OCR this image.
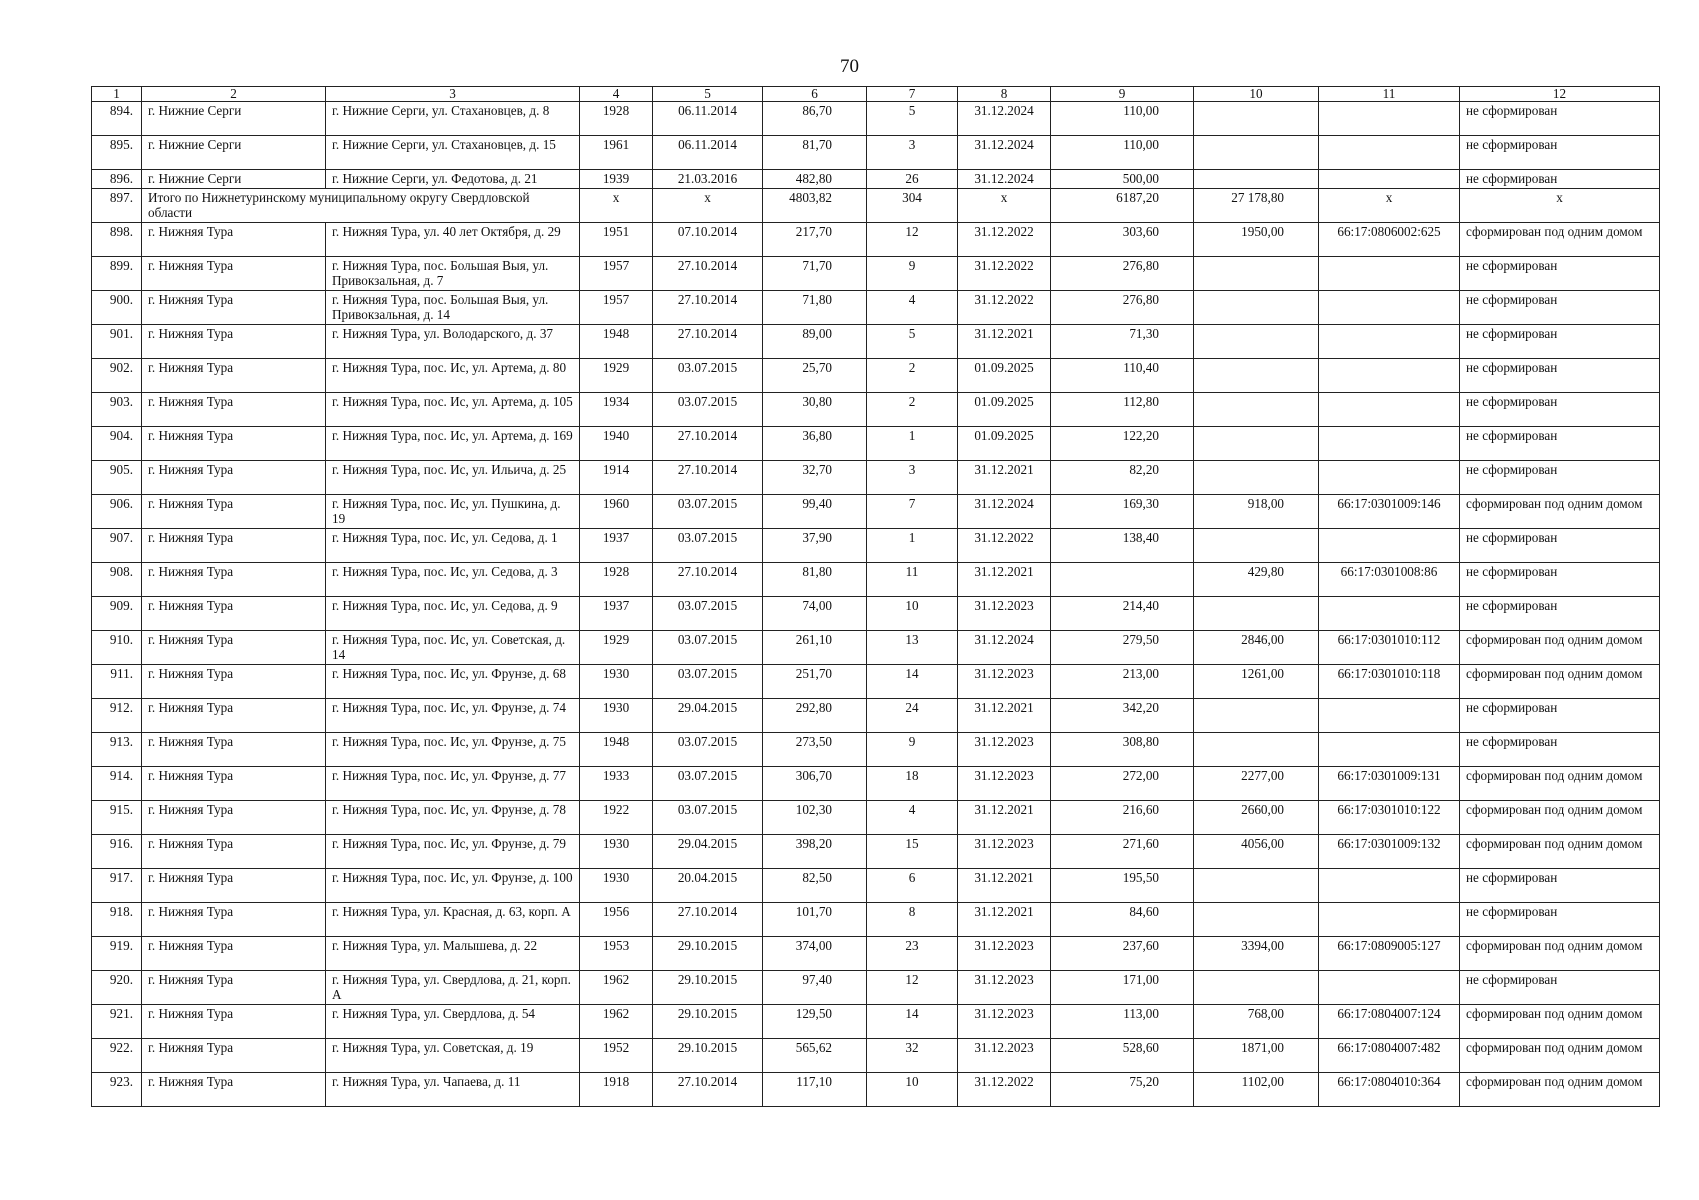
70
1	2	3	4	5	6	7	8	9	10	11	12
894.	г. Нижние Серги	г. Нижние Серги, ул. Стахановцев, д. 8	1928	06.11.2014	86,70	5	31.12.2024	110,00			не сформирован
895.	г. Нижние Серги	г. Нижние Серги, ул. Стахановцев, д. 15	1961	06.11.2014	81,70	3	31.12.2024	110,00			не сформирован
896.	г. Нижние Серги	г. Нижние Серги, ул. Федотова, д. 21	1939	21.03.2016	482,80	26	31.12.2024	500,00			не сформирован
897.	Итого по Нижнетуринскому муниципальному округу Свердловской области		х	х	4803,82	304	х	6187,20	27 178,80	х	х
898.	г. Нижняя Тура	г. Нижняя Тура, ул. 40 лет Октября, д. 29	1951	07.10.2014	217,70	12	31.12.2022	303,60	1950,00	66:17:0806002:625	сформирован под одним домом
899.	г. Нижняя Тура	г. Нижняя Тура, пос. Большая Выя, ул. Привокзальная, д. 7	1957	27.10.2014	71,70	9	31.12.2022	276,80			не сформирован
900.	г. Нижняя Тура	г. Нижняя Тура, пос. Большая Выя, ул. Привокзальная, д. 14	1957	27.10.2014	71,80	4	31.12.2022	276,80			не сформирован
901.	г. Нижняя Тура	г. Нижняя Тура, ул. Володарского, д. 37	1948	27.10.2014	89,00	5	31.12.2021	71,30			не сформирован
902.	г. Нижняя Тура	г. Нижняя Тура, пос. Ис, ул. Артема, д. 80	1929	03.07.2015	25,70	2	01.09.2025	110,40			не сформирован
903.	г. Нижняя Тура	г. Нижняя Тура, пос. Ис, ул. Артема, д. 105	1934	03.07.2015	30,80	2	01.09.2025	112,80			не сформирован
904.	г. Нижняя Тура	г. Нижняя Тура, пос. Ис, ул. Артема, д. 169	1940	27.10.2014	36,80	1	01.09.2025	122,20			не сформирован
905.	г. Нижняя Тура	г. Нижняя Тура, пос. Ис, ул. Ильича, д. 25	1914	27.10.2014	32,70	3	31.12.2021	82,20			не сформирован
906.	г. Нижняя Тура	г. Нижняя Тура, пос. Ис, ул. Пушкина, д. 19	1960	03.07.2015	99,40	7	31.12.2024	169,30	918,00	66:17:0301009:146	сформирован под одним домом
907.	г. Нижняя Тура	г. Нижняя Тура, пос. Ис, ул. Седова, д. 1	1937	03.07.2015	37,90	1	31.12.2022	138,40			не сформирован
908.	г. Нижняя Тура	г. Нижняя Тура, пос. Ис, ул. Седова, д. 3	1928	27.10.2014	81,80	11	31.12.2021		429,80	66:17:0301008:86	не сформирован
909.	г. Нижняя Тура	г. Нижняя Тура, пос. Ис, ул. Седова, д. 9	1937	03.07.2015	74,00	10	31.12.2023	214,40			не сформирован
910.	г. Нижняя Тура	г. Нижняя Тура, пос. Ис, ул. Советская, д. 14	1929	03.07.2015	261,10	13	31.12.2024	279,50	2846,00	66:17:0301010:112	сформирован под одним домом
911.	г. Нижняя Тура	г. Нижняя Тура, пос. Ис, ул. Фрунзе, д. 68	1930	03.07.2015	251,70	14	31.12.2023	213,00	1261,00	66:17:0301010:118	сформирован под одним домом
912.	г. Нижняя Тура	г. Нижняя Тура, пос. Ис, ул. Фрунзе, д. 74	1930	29.04.2015	292,80	24	31.12.2021	342,20			не сформирован
913.	г. Нижняя Тура	г. Нижняя Тура, пос. Ис, ул. Фрунзе, д. 75	1948	03.07.2015	273,50	9	31.12.2023	308,80			не сформирован
914.	г. Нижняя Тура	г. Нижняя Тура, пос. Ис, ул. Фрунзе, д. 77	1933	03.07.2015	306,70	18	31.12.2023	272,00	2277,00	66:17:0301009:131	сформирован под одним домом
915.	г. Нижняя Тура	г. Нижняя Тура, пос. Ис, ул. Фрунзе, д. 78	1922	03.07.2015	102,30	4	31.12.2021	216,60	2660,00	66:17:0301010:122	сформирован под одним домом
916.	г. Нижняя Тура	г. Нижняя Тура, пос. Ис, ул. Фрунзе, д. 79	1930	29.04.2015	398,20	15	31.12.2023	271,60	4056,00	66:17:0301009:132	сформирован под одним домом
917.	г. Нижняя Тура	г. Нижняя Тура, пос. Ис, ул. Фрунзе, д. 100	1930	20.04.2015	82,50	6	31.12.2021	195,50			не сформирован
918.	г. Нижняя Тура	г. Нижняя Тура, ул. Красная, д. 63, корп. А	1956	27.10.2014	101,70	8	31.12.2021	84,60			не сформирован
919.	г. Нижняя Тура	г. Нижняя Тура, ул. Малышева, д. 22	1953	29.10.2015	374,00	23	31.12.2023	237,60	3394,00	66:17:0809005:127	сформирован под одним домом
920.	г. Нижняя Тура	г. Нижняя Тура, ул. Свердлова, д. 21, корп. А	1962	29.10.2015	97,40	12	31.12.2023	171,00			не сформирован
921.	г. Нижняя Тура	г. Нижняя Тура, ул. Свердлова, д. 54	1962	29.10.2015	129,50	14	31.12.2023	113,00	768,00	66:17:0804007:124	сформирован под одним домом
922.	г. Нижняя Тура	г. Нижняя Тура, ул. Советская, д. 19	1952	29.10.2015	565,62	32	31.12.2023	528,60	1871,00	66:17:0804007:482	сформирован под одним домом
923.	г. Нижняя Тура	г. Нижняя Тура, ул. Чапаева, д. 11	1918	27.10.2014	117,10	10	31.12.2022	75,20	1102,00	66:17:0804010:364	сформирован под одним домом
